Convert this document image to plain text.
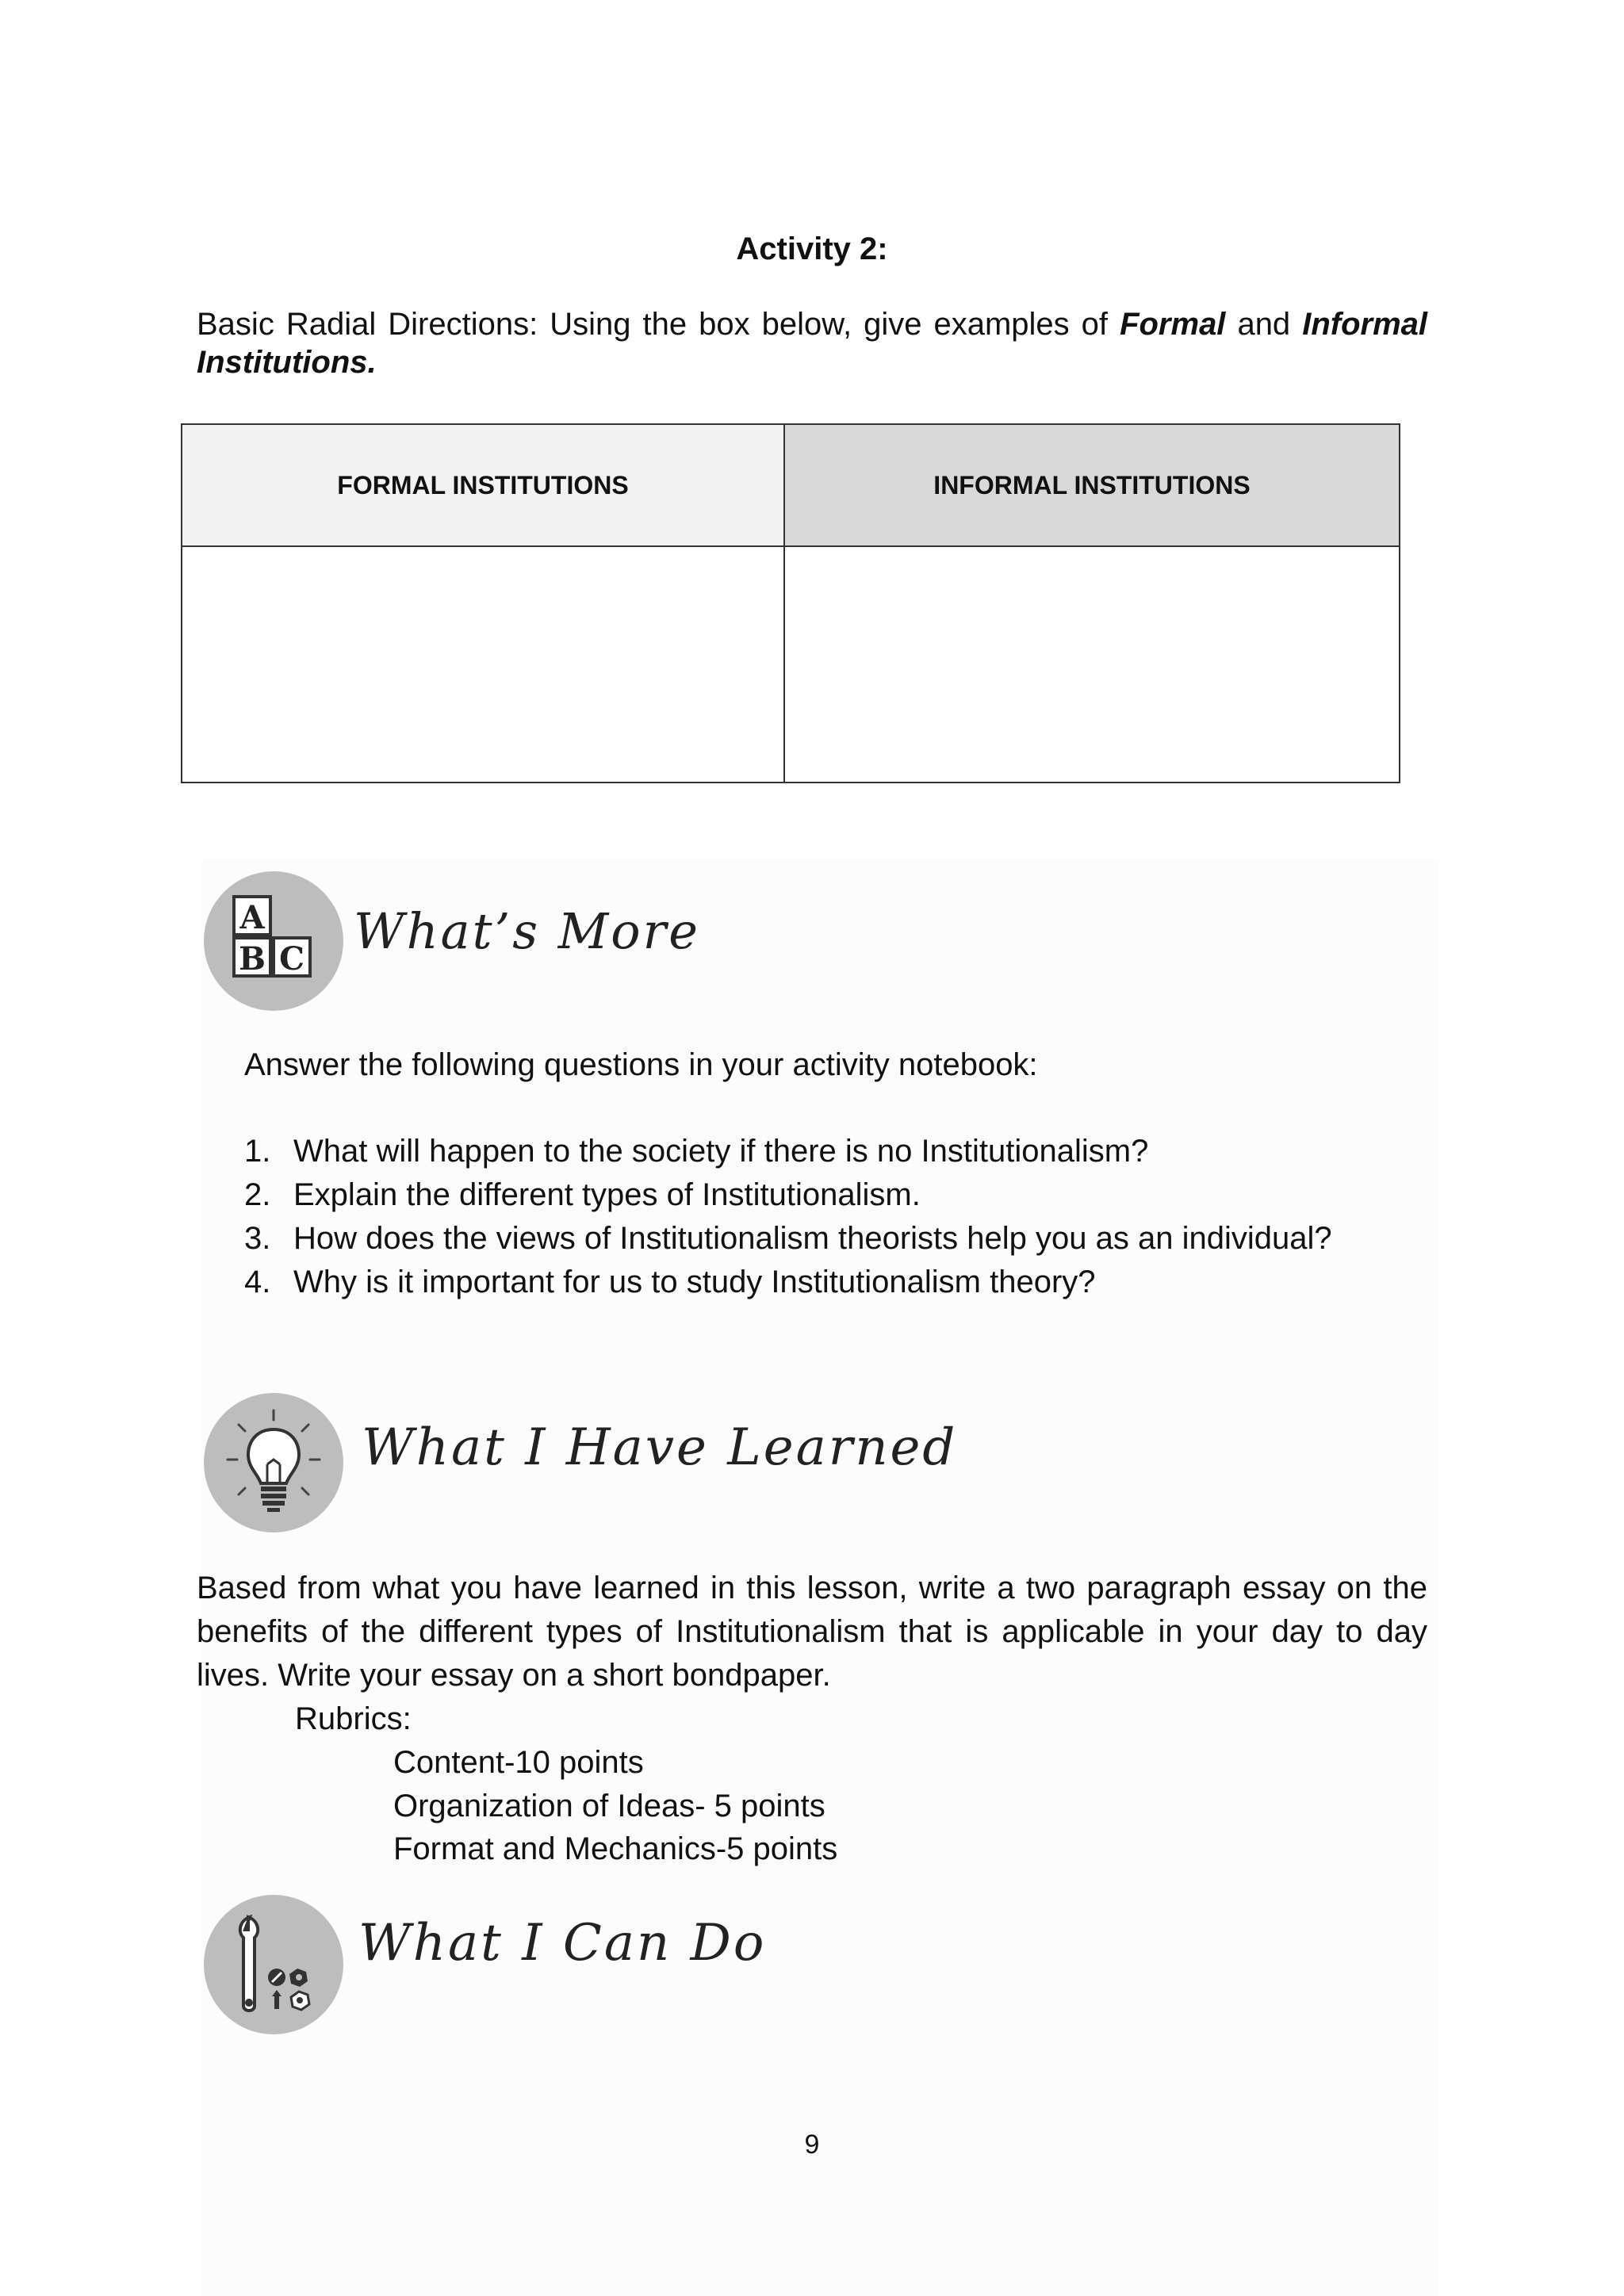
Activity 2:
Basic Radial Directions: Using the box below, give examples of Formal and Informal Institutions.
FORMAL INSTITUTIONS	INFORMAL INSTITUTIONS

A
B C What’s More
Answer the following questions in your activity notebook:
1. What will happen to the society if there is no Institutionalism?
2. Explain the different types of Institutionalism.
3. How does the views of Institutionalism theorists help you as an individual?
4. Why is it important for us to study Institutionalism theory?
What I Have Learned
Based from what you have learned in this lesson, write a two paragraph essay on the benefits of the different types of Institutionalism that is applicable in your day to day lives. Write your essay on a short bondpaper.
Rubrics:
Content-10 points
Organization of Ideas- 5 points
Format and Mechanics-5 points
What I Can Do
9
